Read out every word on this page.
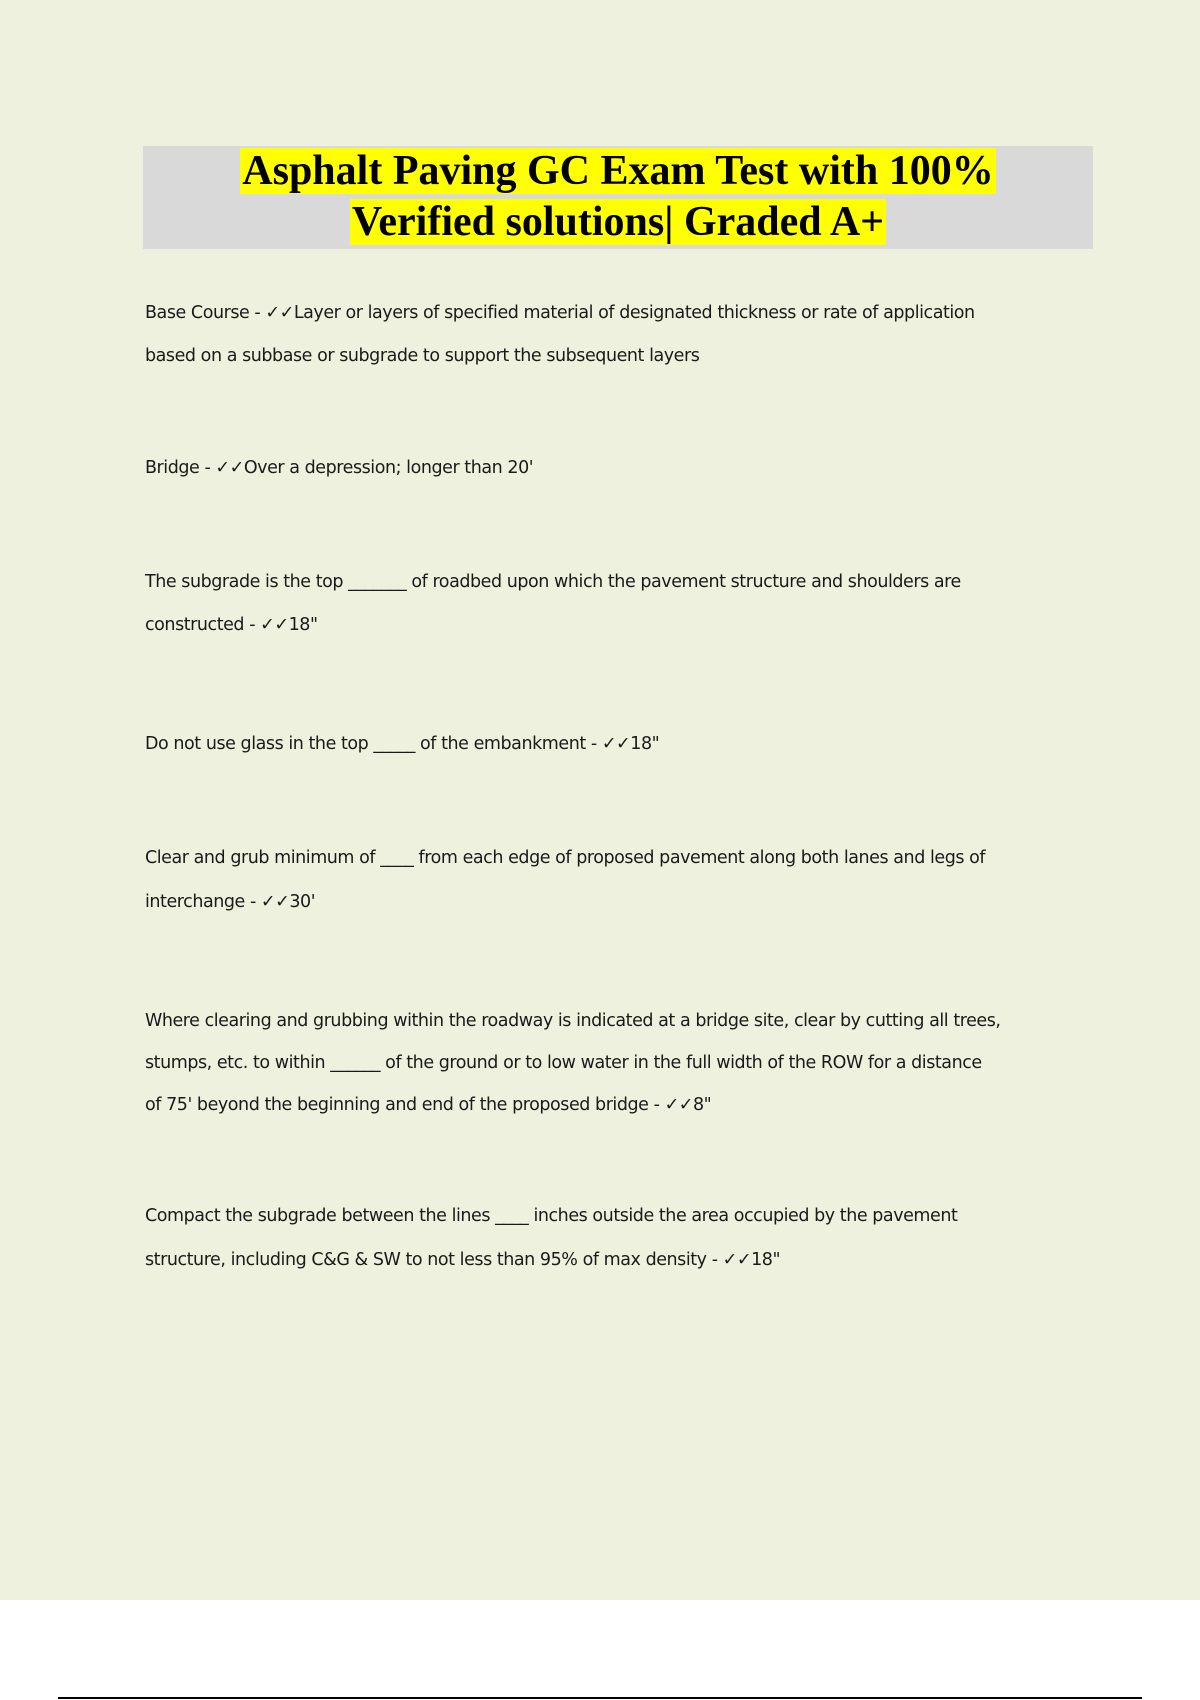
Asphalt Paving GC Exam Test with 100%
Verified solutions| Graded A+
Base Course - ✓✓Layer or layers of specified material of designated thickness or rate of application
based on a subbase or subgrade to support the subsequent layers
Bridge - ✓✓Over a depression; longer than 20'
The subgrade is the top _______ of roadbed upon which the pavement structure and shoulders are
constructed - ✓✓18"
Do not use glass in the top _____ of the embankment - ✓✓18"
Clear and grub minimum of ____ from each edge of proposed pavement along both lanes and legs of
interchange - ✓✓30'
Where clearing and grubbing within the roadway is indicated at a bridge site, clear by cutting all trees,
stumps, etc. to within ______ of the ground or to low water in the full width of the ROW for a distance
of 75' beyond the beginning and end of the proposed bridge - ✓✓8"
Compact the subgrade between the lines ____ inches outside the area occupied by the pavement
structure, including C&G & SW to not less than 95% of max density - ✓✓18"
